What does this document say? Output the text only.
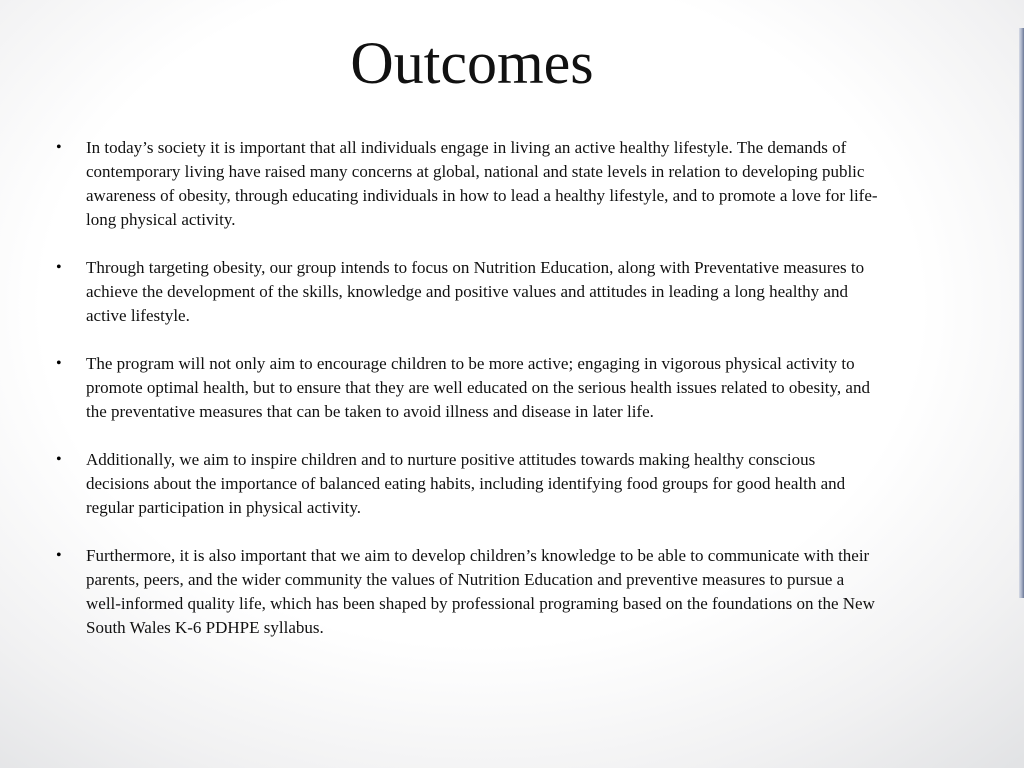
Outcomes
•	In today’s society it is important that all individuals engage in living an active healthy lifestyle. The demands of contemporary living have raised many concerns at global, national and state levels in relation to developing public awareness of obesity, through educating individuals in how to lead a healthy lifestyle, and to promote a love for life-long physical activity.
•	Through targeting obesity, our group intends to focus on Nutrition Education, along with Preventative measures to achieve the development of the skills, knowledge and positive values and attitudes in leading a long healthy and active lifestyle.
•	The program will not only aim to encourage children to be more active; engaging in vigorous physical activity to promote optimal health, but to ensure that they are well educated on the serious health issues related to obesity, and the preventative measures that can be taken to avoid illness and disease in later life.
•	Additionally, we aim to inspire children and to nurture positive attitudes towards making healthy conscious decisions about the importance of balanced eating habits, including identifying food groups for good health and regular participation in physical activity.
•	Furthermore, it is also important that we aim to develop children’s knowledge to be able to communicate with their parents, peers, and the wider community the values of Nutrition Education and preventive measures to pursue a well-informed quality life, which has been shaped by professional programing based on the foundations on the New South Wales K-6 PDHPE syllabus.
